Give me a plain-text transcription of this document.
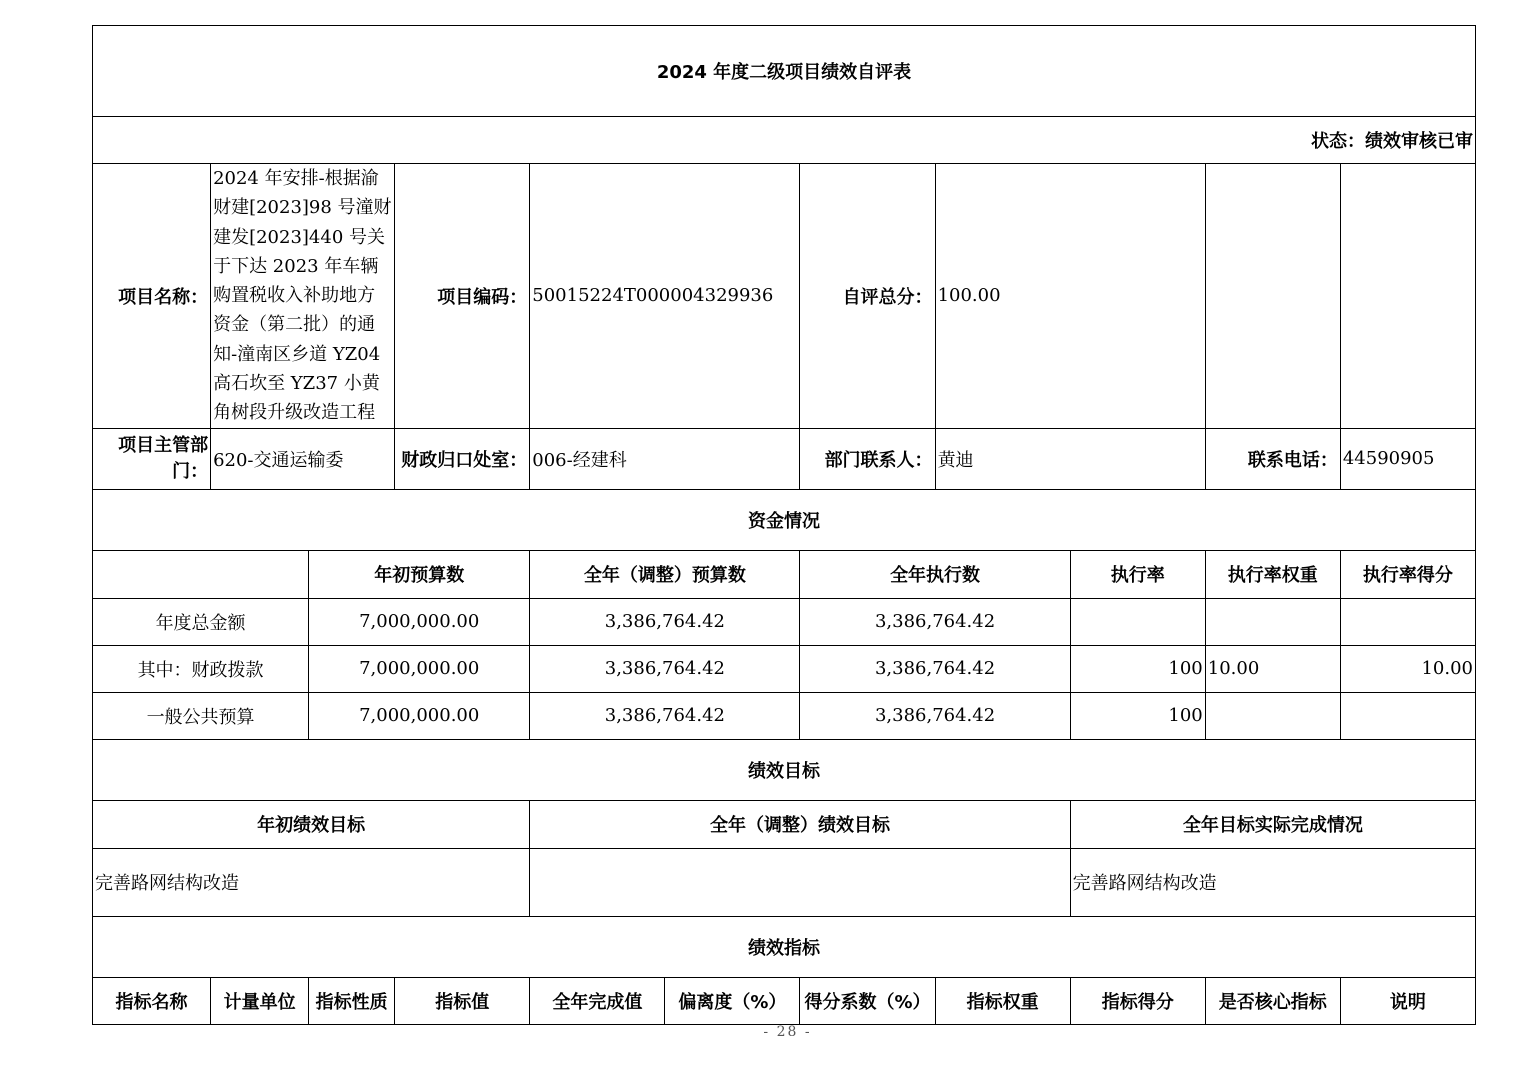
2024 年度二级项目绩效自评表										
状态：绩效审核已审										
项目名称：	2024 年安排-根据渝财建[2023]98 号潼财建发[2023]440 号关于下达 2023 年车辆购置税收入补助地方资金（第二批）的通知-潼南区乡道 YZ04 高石坎至 YZ37 小黄角树段升级改造工程		项目编码：	50015224T000004329936		自评总分：	100.00			
项目主管部门：	620-交通运输委		财政归口处室：	006-经建科		部门联系人：	黄迪		联系电话：	44590905
资金情况										
		年初预算数		全年（调整）预算数		全年执行数		执行率	执行率权重	执行率得分
年度总金额		7,000,000.00		3,386,764.42		3,386,764.42				
其中：财政拨款		7,000,000.00		3,386,764.42		3,386,764.42		100	10.00	10.00
一般公共预算		7,000,000.00		3,386,764.42		3,386,764.42		100		
绩效目标										
年初绩效目标				全年（调整）绩效目标				全年目标实际完成情况		
完善路网结构改造								完善路网结构改造		
绩效指标										
指标名称	计量单位	指标性质	指标值	全年完成值	偏离度（%）	得分系数（%）	指标权重	指标得分	是否核心指标	说明
- 28 -
